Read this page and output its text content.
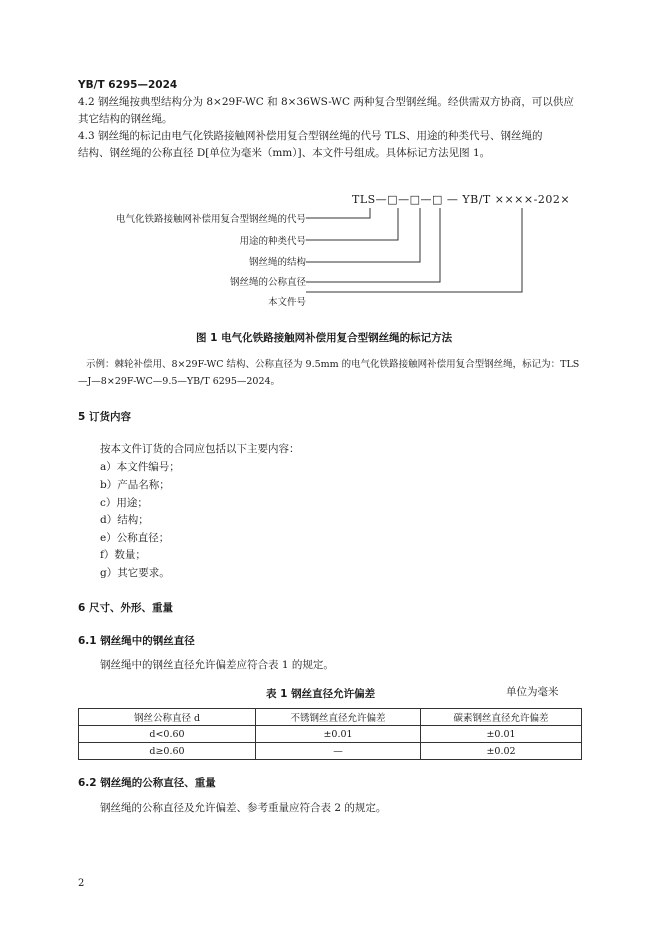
YB/T 6295—2024
4.2 钢丝绳按典型结构分为 8×29F-WC 和 8×36WS-WC 两种复合型钢丝绳。经供需双方协商，可以供应
其它结构的钢丝绳。
4.3 钢丝绳的标记由电气化铁路接触网补偿用复合型钢丝绳的代号 TLS、用途的种类代号、钢丝绳的
结构、钢丝绳的公称直径 D[单位为毫米（mm）]、本文件号组成。具体标记方法见图 1。
TLS—□—□—□ — YB/T ××××-202×
电气化铁路接触网补偿用复合型钢丝绳的代号
用途的种类代号
钢丝绳的结构
钢丝绳的公称直径
本文件号
图 1 电气化铁路接触网补偿用复合型钢丝绳的标记方法
示例：棘轮补偿用、8×29F-WC 结构、公称直径为 9.5mm 的电气化铁路接触网补偿用复合型钢丝绳，标记为：TLS
—J—8×29F-WC—9.5—YB/T 6295—2024。
5 订货内容
按本文件订货的合同应包括以下主要内容：
a）本文件编号；
b）产品名称；
c）用途；
d）结构；
e）公称直径；
f）数量；
g）其它要求。
6 尺寸、外形、重量
6.1 钢丝绳中的钢丝直径
钢丝绳中的钢丝直径允许偏差应符合表 1 的规定。
表 1 钢丝直径允许偏差	单位为毫米
钢丝公称直径 d	不锈钢丝直径允许偏差	碳素钢丝直径允许偏差
d<0.60	±0.01	±0.01
d≥0.60	—	±0.02
6.2 钢丝绳的公称直径、重量
钢丝绳的公称直径及允许偏差、参考重量应符合表 2 的规定。
2
